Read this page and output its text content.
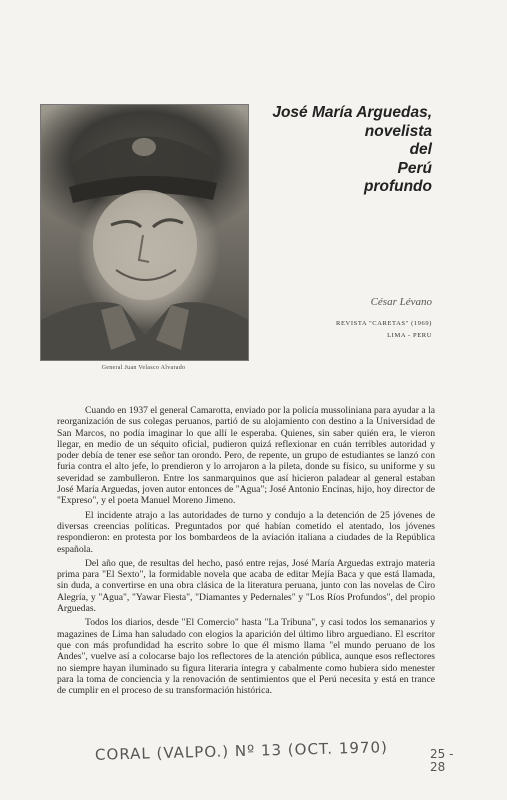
General Juan Velasco Alvarado
José María Arguedas,
novelista
del
Perú
profundo
César Lévano
REVISTA "CARETAS" (1969)
LIMA - PERU

Cuando en 1937 el general Camarotta, enviado por la policía mussoliniana para ayudar a la reorganización de sus colegas peruanos, partió de su alojamiento con destino a la Universidad de San Marcos, no podía imaginar lo que allí le esperaba. Quienes, sin saber quién era, le vieron llegar, en medio de un séquito oficial, pudieron quizá reflexionar en cuán terribles autoridad y poder debía de tener ese señor tan orondo. Pero, de repente, un grupo de estudiantes se lanzó con furia contra el alto jefe, lo prendieron y lo arrojaron a la pileta, donde su físico, su uniforme y su severidad se zambulleron. Entre los sanmarquinos que así hicieron paladear al general estaban José María Arguedas, joven autor entonces de "Agua"; José Antonio Encinas, hijo, hoy director de "Expreso", y el poeta Manuel Moreno Jimeno.

El incidente atrajo a las autoridades de turno y condujo a la detención de 25 jóvenes de diversas creencias políticas. Preguntados por qué habían cometido el atentado, los jóvenes respondieron: en protesta por los bombardeos de la aviación italiana a ciudades de la República española.

Del año que, de resultas del hecho, pasó entre rejas, José María Arguedas extrajo materia prima para "El Sexto", la formidable novela que acaba de editar Mejía Baca y que está llamada, sin duda, a convertirse en una obra clásica de la literatura peruana, junto con las novelas de Ciro Alegría, y "Agua", "Yawar Fiesta", "Diamantes y Pedernales" y "Los Ríos Profundos", del propio Arguedas.

Todos los diarios, desde "El Comercio" hasta "La Tribuna", y casi todos los semanarios y magazines de Lima han saludado con elogios la aparición del último libro arguediano. El escritor que con más profundidad ha escrito sobre lo que él mismo llama "el mundo peruano de los Andes", vuelve así a colocarse bajo los reflectores de la atención pública, aunque esos reflectores no siempre hayan iluminado su figura literaria íntegra y cabalmente como hubiera sido menester para la toma de conciencia y la renovación de sentimientos que el Perú necesita y está en trance de cumplir en el proceso de su transformación histórica.

CORAL (VALPO.) Nº 13 (OCT. 1970)	25 -
28
